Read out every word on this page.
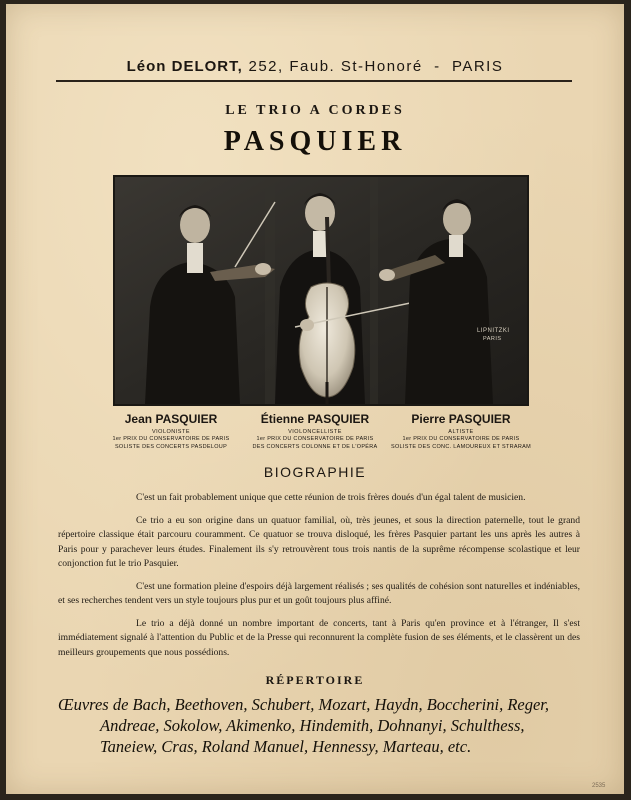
Léon DELORT, 252, Faub. St-Honoré - PARIS
LE TRIO A CORDES
PASQUIER
LIPNITZKI
PARIS
Jean PASQUIER
VIOLONISTE
1er PRIX DU CONSERVATOIRE DE PARIS
SOLISTE DES CONCERTS PASDELOUP
Étienne PASQUIER
VIOLONCELLISTE
1er PRIX DU CONSERVATOIRE DE PARIS
DES CONCERTS COLONNE ET DE L'OPÉRA
Pierre PASQUIER
ALTISTE
1er PRIX DU CONSERVATOIRE DE PARIS
SOLISTE DES CONC. LAMOUREUX ET STRARAM
BIOGRAPHIE

C'est un fait probablement unique que cette réunion de trois frères doués d'un égal talent de musicien.

Ce trio a eu son origine dans un quatuor familial, où, très jeunes, et sous la direction paternelle, tout le grand répertoire classique était parcouru couramment. Ce quatuor se trouva disloqué, les frères Pasquier partant les uns après les autres à Paris pour y parachever leurs études. Finalement ils s'y retrouvèrent tous trois nantis de la suprême récompense scolastique et leur conjonction fut le trio Pasquier.

C'est une formation pleine d'espoirs déjà largement réalisés ; ses qualités de cohésion sont naturelles et indéniables, et ses recherches tendent vers un style toujours plus pur et un goût toujours plus affiné.

Le trio a déjà donné un nombre important de concerts, tant à Paris qu'en province et à l'étranger, Il s'est immédiatement signalé à l'attention du Public et de la Presse qui reconnurent la complète fusion de ses éléments, et le classèrent un des meilleurs groupements que nous possédions.

RÉPERTOIRE
Œuvres de Bach, Beethoven, Schubert, Mozart, Haydn, Boccherini, Reger,
Andreae, Sokolow, Akimenko, Hindemith, Dohnanyi, Schulthess,
Taneiew, Cras, Roland Manuel, Hennessy, Marteau, etc.
2535
